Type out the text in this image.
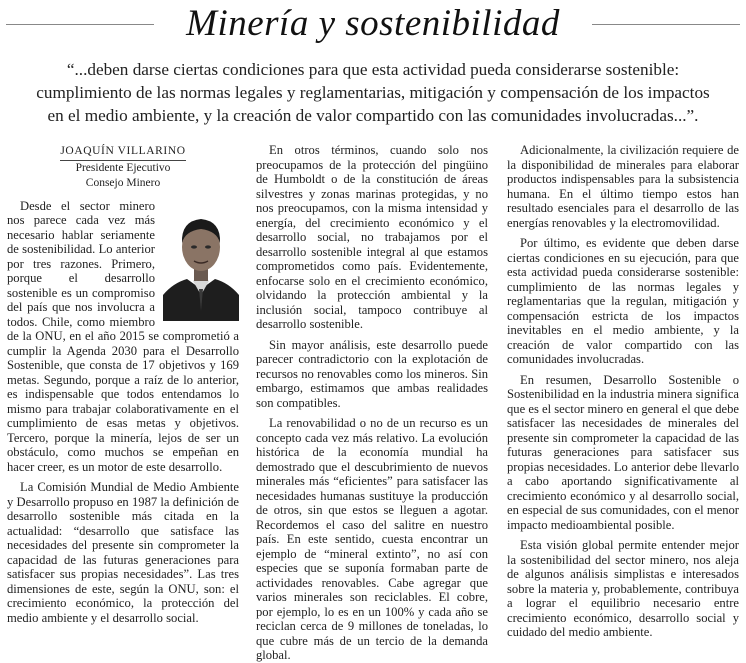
Minería y sostenibilidad
“...deben darse ciertas condiciones para que esta actividad pueda considerarse sostenible: cumplimiento de las normas legales y reglamentarias, mitigación y compensación de los impactos en el medio ambiente, y la creación de valor compartido con las comunidades involucradas...”.
JOAQUÍN VILLARINO
Presidente Ejecutivo
Consejo Minero

Desde el sector minero nos parece cada vez más necesario hablar seriamente de sostenibilidad. Lo anterior por tres razones. Primero, porque el desarrollo sostenible es un compromiso del país que nos involucra a todos. Chile, como miembro de la ONU, en el año 2015 se comprometió a cumplir la Agenda 2030 para el Desarrollo Sostenible, que consta de 17 objetivos y 169 metas. Segundo, porque a raíz de lo anterior, es indispensable que todos entendamos lo mismo para trabajar colaborativamente en el cumplimiento de esas metas y objetivos. Tercero, porque la minería, lejos de ser un obstáculo, como muchos se empeñan en hacer creer, es un motor de este desarrollo.

La Comisión Mundial de Medio Ambiente y Desarrollo propuso en 1987 la definición de desarrollo sostenible más citada en la actualidad: “desarrollo que satisface las necesidades del presente sin comprometer la capacidad de las futuras generaciones para satisfacer sus propias necesidades”. Las tres dimensiones de este, según la ONU, son: el crecimiento económico, la protección del medio ambiente y el desarrollo social.

En otros términos, cuando solo nos preocupamos de la protección del pingüino de Humboldt o de la constitución de áreas silvestres y zonas marinas protegidas, y no nos preocupamos, con la misma intensidad y energía, del crecimiento económico y el desarrollo social, no trabajamos por el desarrollo sostenible integral al que estamos comprometidos como país. Evidentemente, enfocarse solo en el crecimiento económico, olvidando la protección ambiental y la inclusión social, tampoco contribuye al desarrollo sostenible.

Sin mayor análisis, este desarrollo puede parecer contradictorio con la explotación de recursos no renovables como los mineros. Sin embargo, estimamos que ambas realidades son compatibles.

La renovabilidad o no de un recurso es un concepto cada vez más relativo. La evolución histórica de la economía mundial ha demostrado que el descubrimiento de nuevos minerales más “eficientes” para satisfacer las necesidades humanas sustituye la producción de otros, sin que estos se lleguen a agotar. Recordemos el caso del salitre en nuestro país. En este sentido, cuesta encontrar un ejemplo de “mineral extinto”, no así con especies que se suponía formaban parte de actividades renovables. Cabe agregar que varios minerales son reciclables. El cobre, por ejemplo, lo es en un 100% y cada año se reciclan cerca de 9 millones de toneladas, lo que cubre más de un tercio de la demanda global.

Adicionalmente, la civilización requiere de la disponibilidad de minerales para elaborar productos indispensables para la subsistencia humana. En el último tiempo estos han resultado esenciales para el desarrollo de las energías renovables y la electromovilidad.

Por último, es evidente que deben darse ciertas condiciones en su ejecución, para que esta actividad pueda considerarse sostenible: cumplimiento de las normas legales y reglamentarias que la regulan, mitigación y compensación estricta de los impactos inevitables en el medio ambiente, y la creación de valor compartido con las comunidades involucradas.

En resumen, Desarrollo Sostenible o Sostenibilidad en la industria minera significa que es el sector minero en general el que debe satisfacer las necesidades de minerales del presente sin comprometer la capacidad de las futuras generaciones para satisfacer sus propias necesidades. Lo anterior debe llevarlo a cabo aportando significativamente al crecimiento económico y al desarrollo social, en especial de sus comunidades, con el menor impacto medioambiental posible.

Esta visión global permite entender mejor la sostenibilidad del sector minero, nos aleja de algunos análisis simplistas e interesados sobre la materia y, probablemente, contribuya a lograr el equilibrio necesario entre crecimiento económico, desarrollo social y cuidado del medio ambiente.
